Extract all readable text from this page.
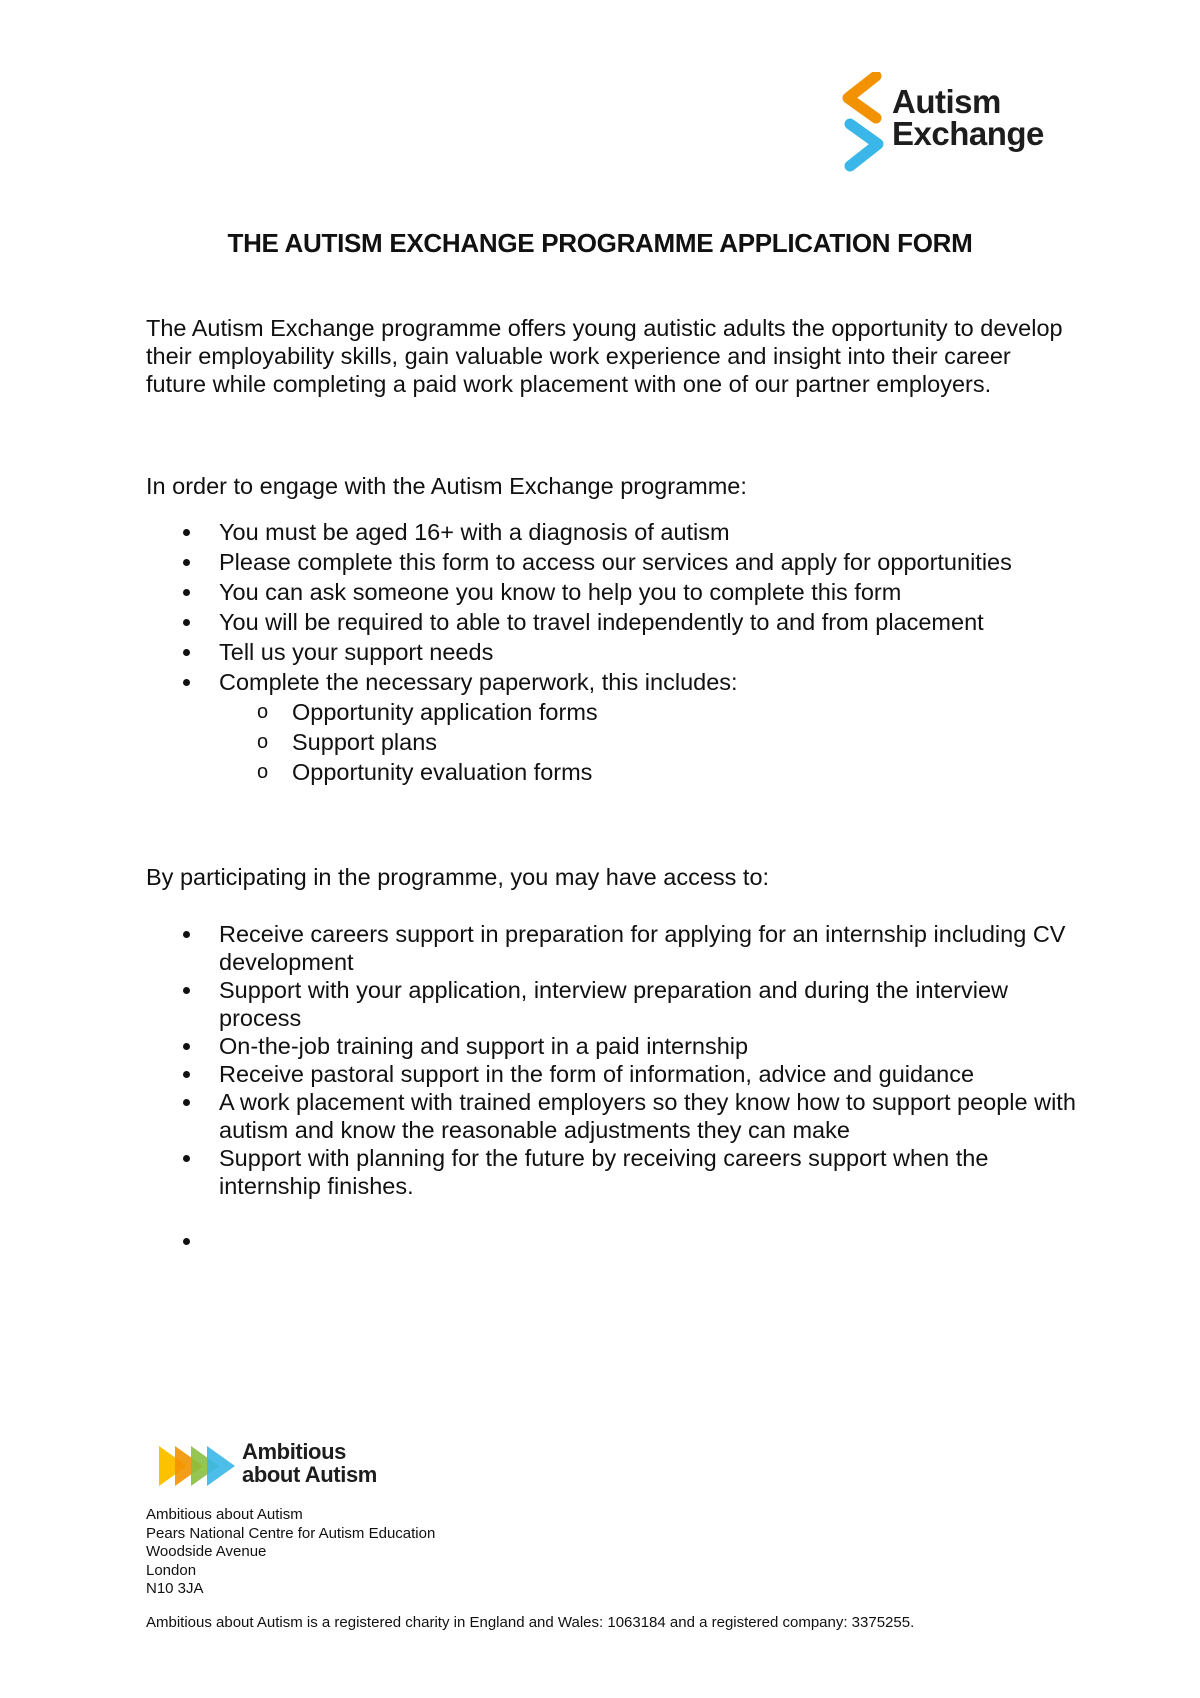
Autism
Exchange
THE AUTISM EXCHANGE PROGRAMME APPLICATION FORM
The Autism Exchange programme offers young autistic adults the opportunity to develop their employability skills, gain valuable work experience and insight into their career future while completing a paid work placement with one of our partner employers.
In order to engage with the Autism Exchange programme:
You must be aged 16+ with a diagnosis of autism
Please complete this form to access our services and apply for opportunities
You can ask someone you know to help you to complete this form
You will be required to able to travel independently to and from placement
Tell us your support needs
Complete the necessary paperwork, this includes:
o Opportunity application forms
o Support plans
o Opportunity evaluation forms
By participating in the programme, you may have access to:
Receive careers support in preparation for applying for an internship including CV development
Support with your application, interview preparation and during the interview process
On-the-job training and support in a paid internship
Receive pastoral support in the form of information, advice and guidance
A work placement with trained employers so they know how to support people with autism and know the reasonable adjustments they can make
Support with planning for the future by receiving careers support when the internship finishes.
Ambitious
about Autism
Ambitious about Autism
Pears National Centre for Autism Education
Woodside Avenue
London
N10 3JA
Ambitious about Autism is a registered charity in England and Wales: 1063184 and a registered company: 3375255.
